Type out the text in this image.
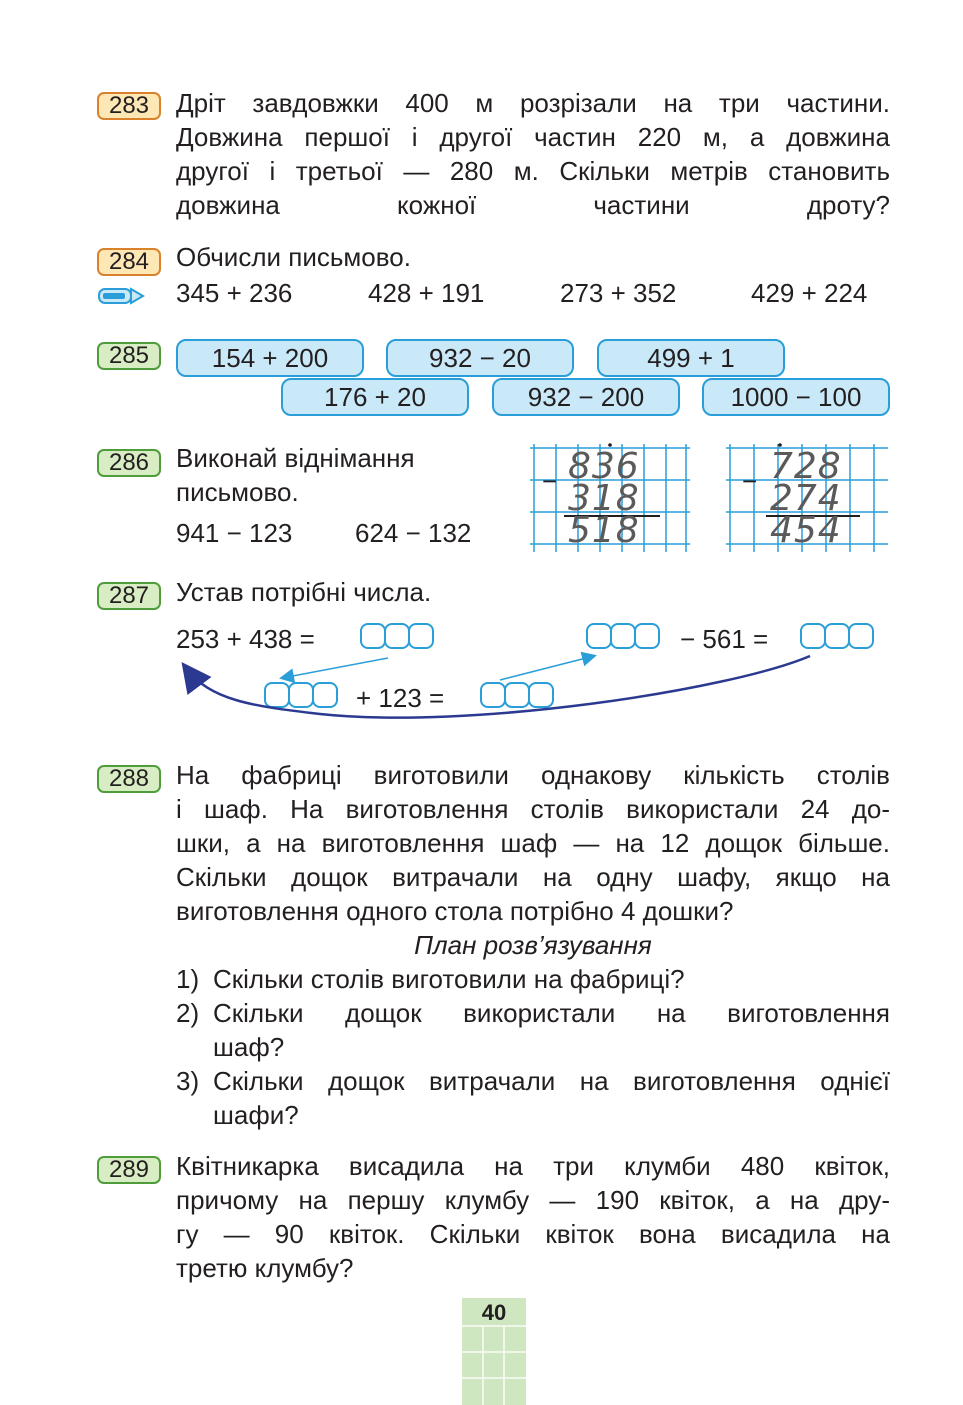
283	Дріт завдовжки 400 м розрізали на три частини.
Довжина першої і другої частин 220 м, а довжина
другої і третьої — 280 м. Скільки метрів становить
довжина кожної частини дроту?
284	Обчисли письмово.
345 + 236	428 + 191	273 + 352	429 + 224
285	154 + 200	932 − 20	499 + 1
176 + 20	932 − 200	1000 − 100
286	Виконай віднімання
письмово.
941 − 123 624 − 132
− 836
318
518
− 728
274
454
287	Устав потрібні числа.
253 + 438 =	− 561 =
+ 123 =
288	На фабриці виготовили однакову кількість столів
і шаф. На виготовлення столів використали 24 до-
шки, а на виготовлення шаф — на 12 дощок більше.
Скільки дощок витрачали на одну шафу, якщо на
виготовлення одного стола потрібно 4 дошки?
План розв’язування
1) Скільки столів виготовили на фабриці?
2) Скільки дощок використали на виготовлення
шаф?
3) Скільки дощок витрачали на виготовлення однієї
шафи?
289	Квітникарка висадила на три клумби 480 квіток,
причому на першу клумбу — 190 квіток, а на дру-
гу — 90 квіток. Скільки квіток вона висадила на
третю клумбу?
40
